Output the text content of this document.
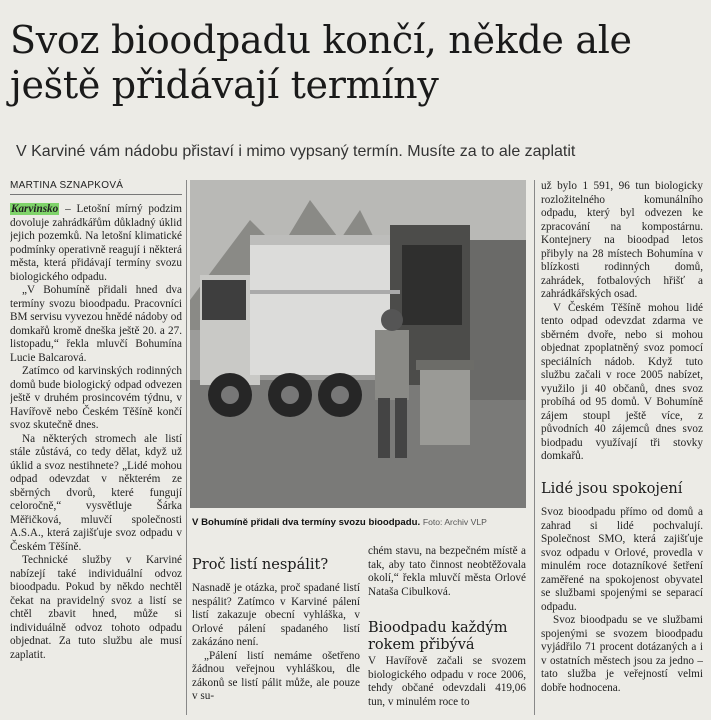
Svoz bioodpadu končí, někde ale ještě přidávají termíny

V Karviné vám nádobu přistaví i mimo vypsaný termín. Musíte za to ale zaplatit

MARTINA SZNAPKOVÁ

Karvinsko – Letošní mírný podzim dovoluje zahrádkářům důkladný úklid jejich pozemků. Na letošní klimatické podmínky operativně reagují i některá města, která přidávají termíny svozu biologického odpadu.

„V Bohumíně přidali hned dva termíny svozu bioodpadu. Pracovníci BM servisu vyvezou hnědé nádoby od domkařů kromě dneška ještě 20. a 27. listopadu,“ řekla mluvčí Bohumína Lucie Balcarová.

Zatímco od karvinských rodinných domů bude biologický odpad odvezen ještě v druhém prosincovém týdnu, v Havířově nebo Českém Těšíně končí svoz skutečně dnes.

Na některých stromech ale listí stále zůstává, co tedy dělat, když už úklid a svoz nestihnete? „Lidé mohou odpad odevzdat v některém ze sběrných dvorů, které fungují celoročně,“ vysvětluje Šárka Měřičková, mluvčí společnosti A.S.A., která zajišťuje svoz odpadu v Českém Těšíně.

Technické služby v Karviné nabízejí také individuální odvoz bioodpadu. Pokud by někdo nechtěl čekat na pravidelný svoz a listí se chtěl zbavit hned, může si individuálně odvoz tohoto odpadu objednat. Za tuto službu ale musí zaplatit.

V Bohumíně přidali dva termíny svozu bioodpadu. Foto: Archiv VLP

Proč listí nespálit?

Nasnadě je otázka, proč spadané listí nespálit? Zatímco v Karviné pálení listí zakazuje obecní vyhláška, v Orlové pálení spadaného listí zakázáno není.

„Pálení listí nemáme ošetřeno žádnou veřejnou vyhláškou, dle zákonů se listí pálit může, ale pouze v su-

chém stavu, na bezpečném místě a tak, aby tato činnost neobtěžovala okolí,“ řekla mluvčí města Orlové Nataša Cibulková.

Bioodpadu každým rokem přibývá

V Havířově začali se svozem biologického odpadu v roce 2006, tehdy občané odevzdali 419,06 tun, v minulém roce to

už bylo 1 591, 96 tun biologicky rozložitelného komunálního odpadu, který byl odvezen ke zpracování na kompostárnu. Kontejnery na bioodpad letos přibyly na 28 místech Bohumína v blízkosti rodinných domů, zahrádek, fotbalových hřišť a zahrádkářských osad.

V Českém Těšíně mohou lidé tento odpad odevzdat zdarma ve sběrném dvoře, nebo si mohou objednat zpoplatněný svoz pomocí speciálních nádob. Když tuto službu začali v roce 2005 nabízet, využilo ji 40 občanů, dnes svoz probíhá od 95 domů. V Bohumíně zájem stoupl ještě více, z původních 40 zájemců dnes svoz biodpadu využívají tři stovky domkařů.

Lidé jsou spokojení

Svoz bioodpadu přímo od domů a zahrad si lidé pochvalují. Společnost SMO, která zajišťuje svoz odpadu v Orlové, provedla v minulém roce dotazníkové šetření zaměřené na spokojenost obyvatel se službami spojenými se separací odpadu.

Svoz bioodpadu se ve službami spojenými se svozem bioodpadu vyjádřilo 71 procent dotázaných a i v ostatních městech jsou za jedno – tato služba je veřejností velmi dobře hodnocena.
